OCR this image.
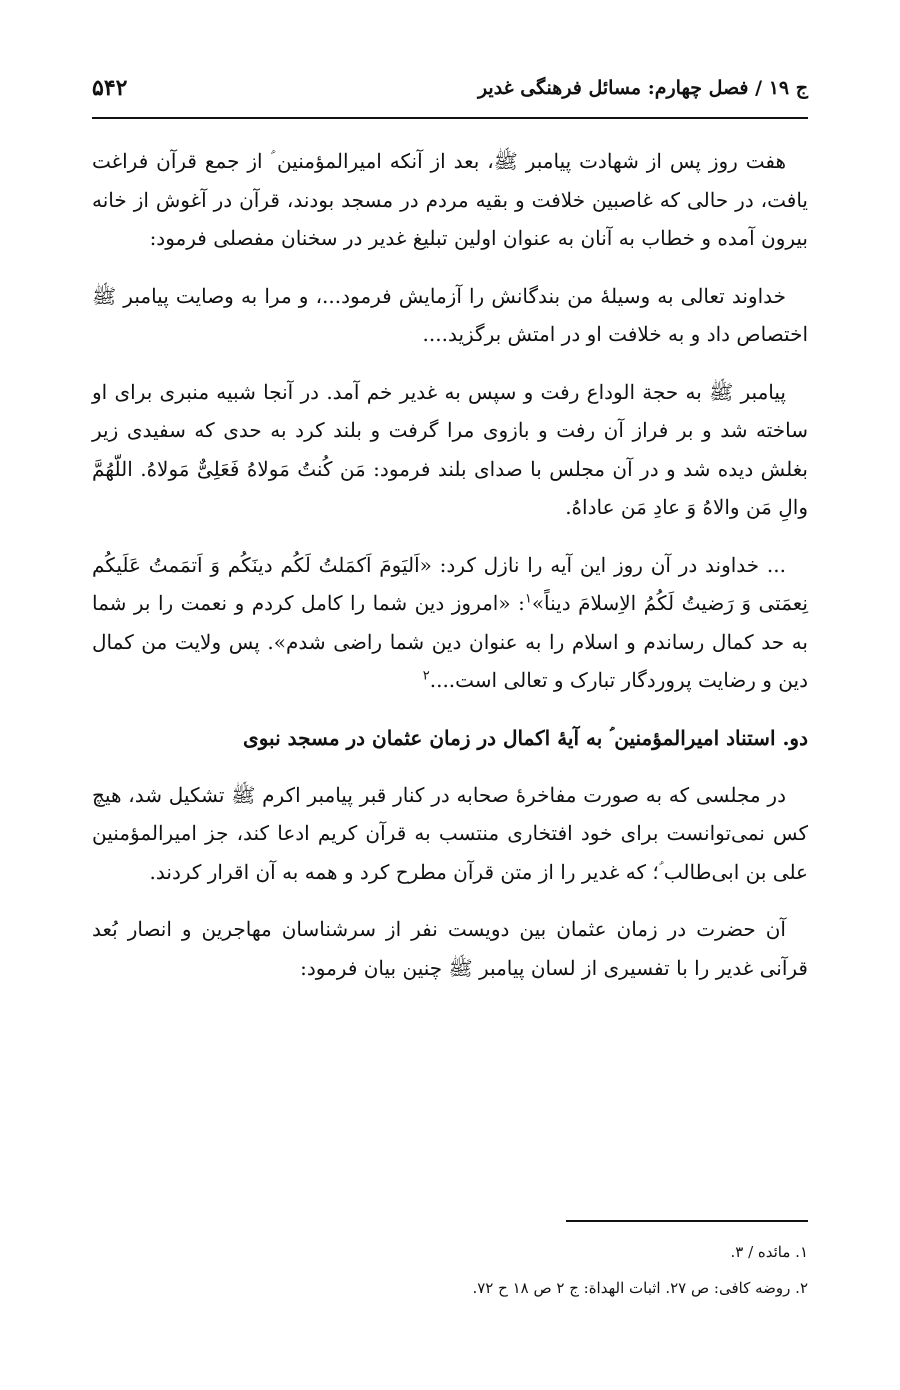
ج ۱۹ / فصل چهارم: مسائل فرهنگی غدیر
۵۴۲

هفت روز پس از شهادت پیامبر ﷺ، بعد از آنکه امیرالمؤمنین ؑ از جمع قرآن فراغت یافت، در حالی که غاصبین خلافت و بقیه مردم در مسجد بودند، قرآن در آغوش از خانه بیرون آمده و خطاب به آنان به عنوان اولین تبلیغ غدیر در سخنان مفصلی فرمود:

خداوند تعالی به وسیلهٔ من بندگانش را آزمایش فرمود...، و مرا به وصایت پیامبر ﷺ اختصاص داد و به خلافت او در امتش برگزید....

پیامبر ﷺ به حجة الوداع رفت و سپس به غدیر خم آمد. در آنجا شبیه منبری برای او ساخته شد و بر فراز آن رفت و بازوی مرا گرفت و بلند کرد به حدی که سفیدی زیر بغلش دیده شد و در آن مجلس با صدای بلند فرمود: مَن کُنتُ مَولاهُ فَعَلِیٌّ مَولاهُ. اللّهُمَّ والِ مَن والاهُ وَ عادِ مَن عاداهُ.

... خداوند در آن روز این آیه را نازل کرد: «اَلیَومَ اَکمَلتُ لَکُم دینَکُم وَ اَتمَمتُ عَلَیکُم نِعمَتی وَ رَضیتُ لَکُمُ الاِسلامَ دیناً»$^۱$: «امروز دین شما را کامل کردم و نعمت را بر شما به حد کمال رساندم و اسلام را به عنوان دین شما راضی شدم». پس ولایت من کمال دین و رضایت پروردگار تبارک و تعالی است....$^۲$

دو. استناد امیرالمؤمنین ؑ به آیهٔ اکمال در زمان عثمان در مسجد نبوی

در مجلسی که به صورت مفاخرهٔ صحابه در کنار قبر پیامبر اکرم ﷺ تشکیل شد، هیچ کس نمی‌توانست برای خود افتخاری منتسب به قرآن کریم ادعا کند، جز امیرالمؤمنین علی بن ابی‌طالب ؑ؛ که غدیر را از متن قرآن مطرح کرد و همه به آن اقرار کردند.

آن حضرت در زمان عثمان بین دویست نفر از سرشناسان مهاجرین و انصار بُعد قرآنی غدیر را با تفسیری از لسان پیامبر ﷺ چنین بیان فرمود:

۱. مائده / ۳.

۲. روضه کافی: ص ۲۷. اثبات الهداة: ج ۲ ص ۱۸ ح ۷۲.
